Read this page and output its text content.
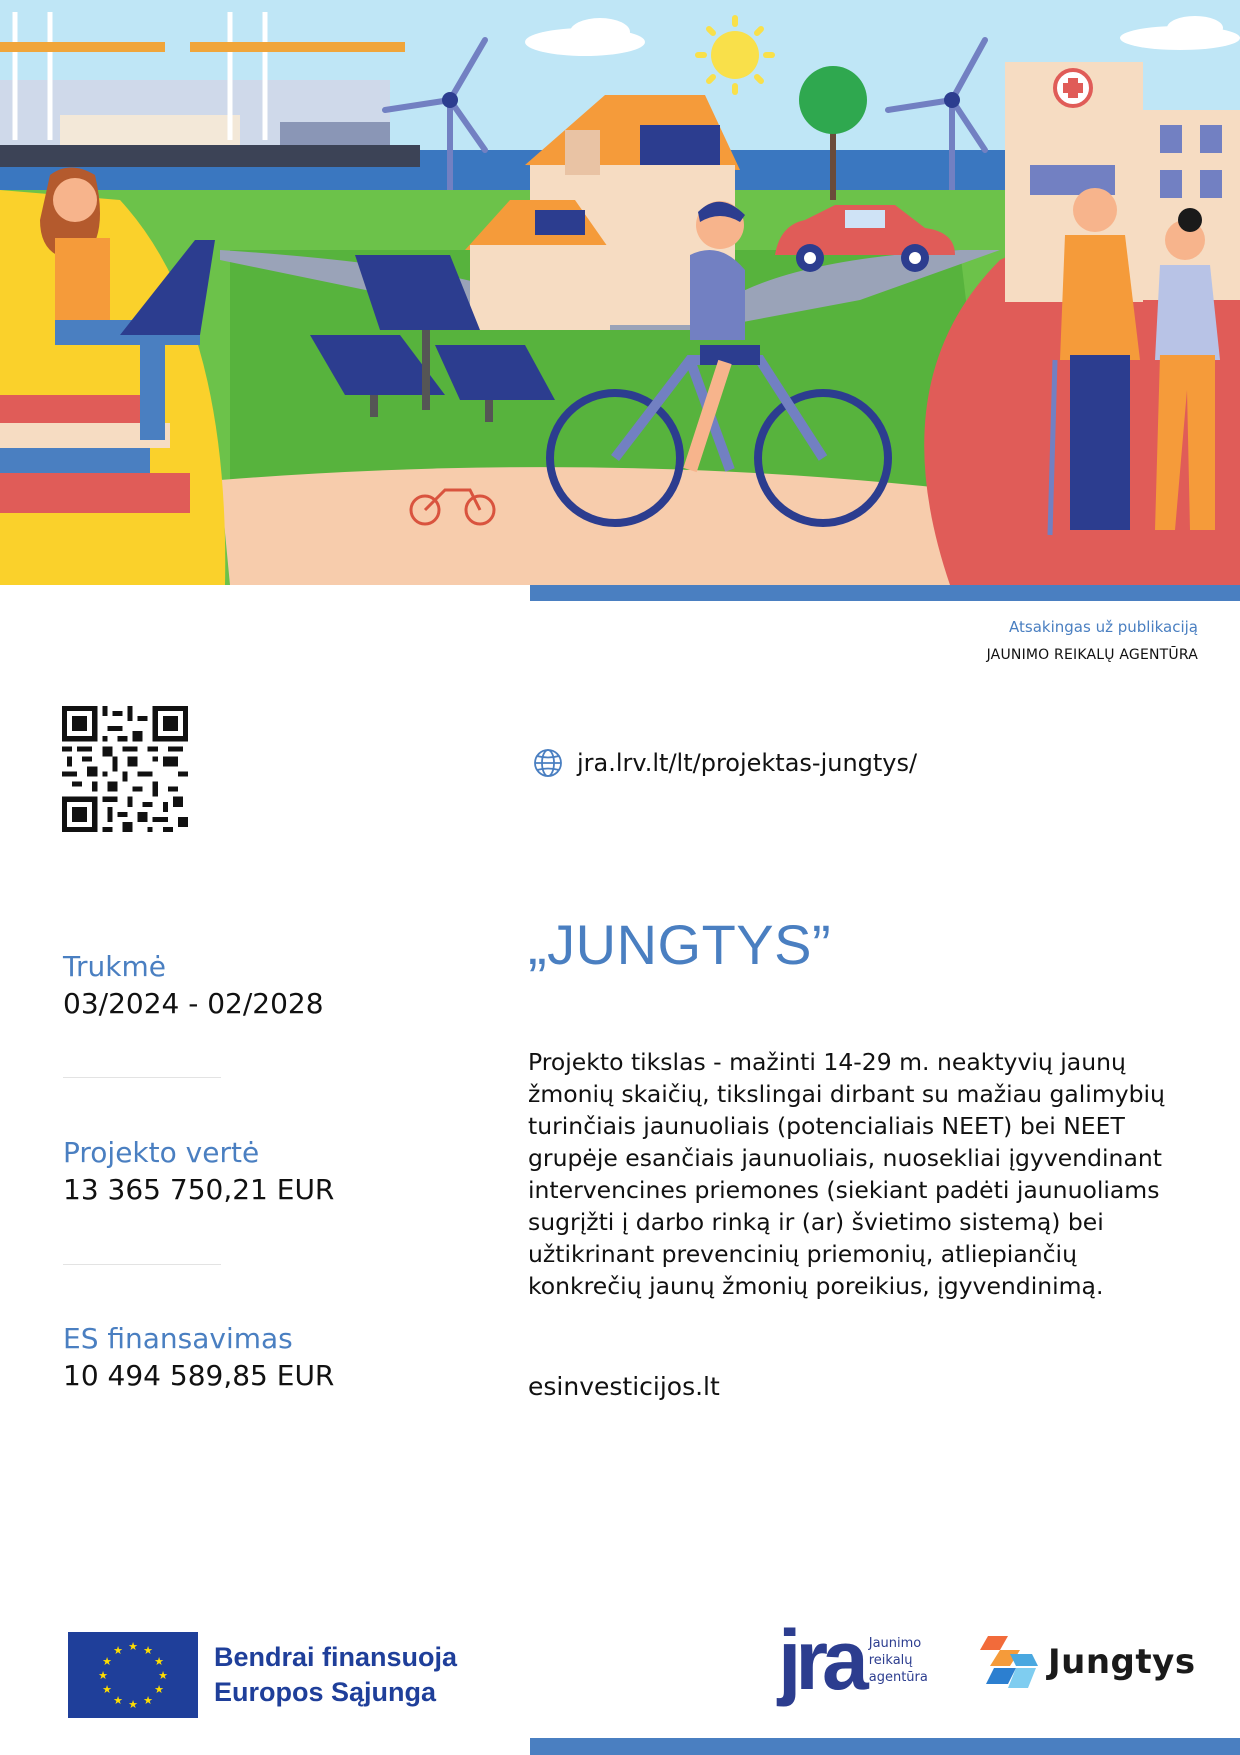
Atsakingas už publikaciją
JAUNIMO REIKALŲ AGENTŪRA
jra.lrv.lt/lt/projektas-jungtys/
Trukmė
03/2024 - 02/2028
Projekto vertė
13 365 750,21 EUR
ES finansavimas
10 494 589,85 EUR
„JUNGTYS”

Projekto tikslas - mažinti 14-29 m. neaktyvių jaunų žmonių skaičių, tikslingai dirbant su mažiau galimybių turinčiais jaunuoliais (potencialiais NEET) bei NEET grupėje esančiais jaunuoliais, nuosekliai įgyvendinant intervencines priemones (siekiant padėti jaunuoliams sugrįžti į darbo rinką ir (ar) švietimo sistemą) bei užtikrinant prevencinių priemonių, atliepiančių konkrečių jaunų žmonių poreikius, įgyvendinimą.

esinvesticijos.lt
★ ★
★
★
★
★
★
★
★
★
★
★	Bendrai finansuoja
Europos Sąjunga	jra Jaunimo
reikalų
agentūra	Jungtys
